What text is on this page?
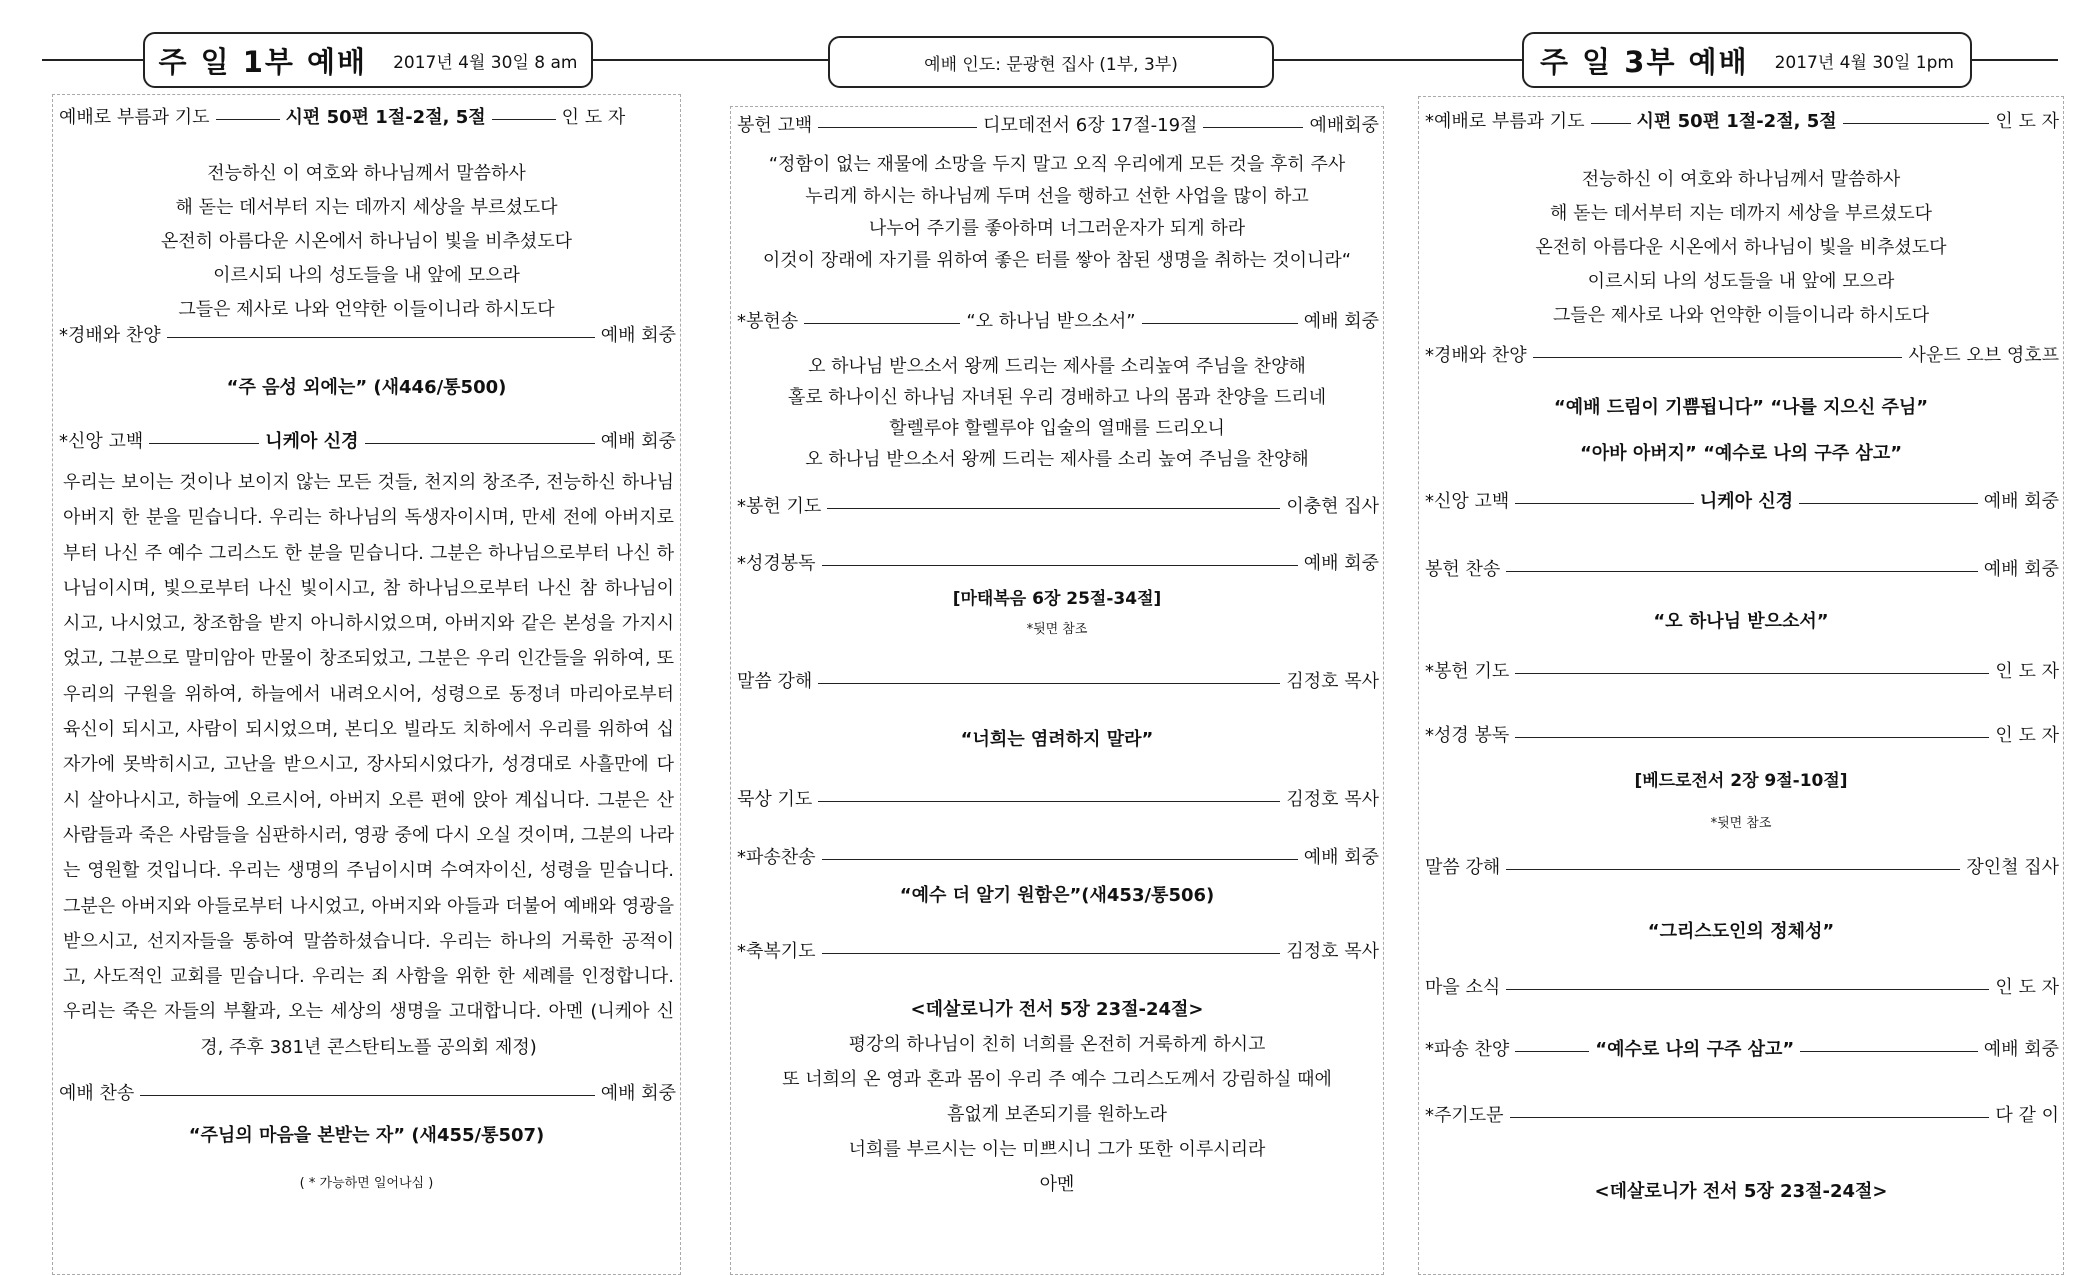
주 일 1부 예배 2017년 4월 30일 8 am	예배 인도: 문광현 집사 (1부, 3부)	주 일 3부 예배 2017년 4월 30일 1pm
예배로 부름과 기도	시편 50편 1절-2절, 5절	인 도 자
전능하신 이 여호와 하나님께서 말씀하사
해 돋는 데서부터 지는 데까지 세상을 부르셨도다
온전히 아름다운 시온에서 하나님이 빛을 비추셨도다
이르시되 나의 성도들을 내 앞에 모으라
그들은 제사로 나와 언약한 이들이니라 하시도다
*경배와 찬양	예배 회중
“주 음성 외에는” (새446/통500)
*신앙 고백	니케아 신경	예배 회중
우리는 보이는 것이나 보이지 않는 모든 것들, 천지의 창조주, 전능하신 하나님 아버지 한 분을 믿습니다. 우리는 하나님의 독생자이시며, 만세 전에 아버지로부터 나신 주 예수 그리스도 한 분을 믿습니다. 그분은 하나님으로부터 나신 하나님이시며, 빛으로부터 나신 빛이시고, 참 하나님으로부터 나신 참 하나님이시고, 나시었고, 창조함을 받지 아니하시었으며, 아버지와 같은 본성을 가지시었고, 그분으로 말미암아 만물이 창조되었고, 그분은 우리 인간들을 위하여, 또 우리의 구원을 위하여, 하늘에서 내려오시어, 성령으로 동정녀 마리아로부터 육신이 되시고, 사람이 되시었으며, 본디오 빌라도 치하에서 우리를 위하여 십자가에 못박히시고, 고난을 받으시고, 장사되시었다가, 성경대로 사흘만에 다시 살아나시고, 하늘에 오르시어, 아버지 오른 편에 앉아 계십니다. 그분은 산 사람들과 죽은 사람들을 심판하시러, 영광 중에 다시 오실 것이며, 그분의 나라는 영원할 것입니다. 우리는 생명의 주님이시며 수여자이신, 성령을 믿습니다. 그분은 아버지와 아들로부터 나시었고, 아버지와 아들과 더불어 예배와 영광을 받으시고, 선지자들을 통하여 말씀하셨습니다. 우리는 하나의 거룩한 공적이고, 사도적인 교회를 믿습니다. 우리는 죄 사함을 위한 한 세례를 인정합니다. 우리는 죽은 자들의 부활과, 오는 세상의 생명을 고대합니다. 아멘 (니케아 신경, 주후 381년 콘스탄티노플 공의회 제정)
예배 찬송	예배 회중
“주님의 마음을 본받는 자” (새455/통507)
( * 가능하면 일어나심 )
봉헌 고백	디모데전서 6장 17절-19절	예배회중
“정함이 없는 재물에 소망을 두지 말고 오직 우리에게 모든 것을 후히 주사
누리게 하시는 하나님께 두며 선을 행하고 선한 사업을 많이 하고
나누어 주기를 좋아하며 너그러운자가 되게 하라
이것이 장래에 자기를 위하여 좋은 터를 쌓아 참된 생명을 취하는 것이니라“
*봉헌송	“오 하나님 받으소서”	예배 회중
오 하나님 받으소서 왕께 드리는 제사를 소리높여 주님을 찬양해
홀로 하나이신 하나님 자녀된 우리 경배하고 나의 몸과 찬양을 드리네
할렐루야 할렐루야 입술의 열매를 드리오니
오 하나님 받으소서 왕께 드리는 제사를 소리 높여 주님을 찬양해
*봉헌 기도	이충현 집사
*성경봉독	예배 회중
[마태복음 6장 25절-34절]
*뒷면 참조
말씀 강해	김정호 목사
“너희는 염려하지 말라”
묵상 기도	김정호 목사
*파송찬송	예배 회중
“예수 더 알기 원함은”(새453/통506)
*축복기도	김정호 목사
<데살로니가 전서 5장 23절-24절>
평강의 하나님이 친히 너희를 온전히 거룩하게 하시고
또 너희의 온 영과 혼과 몸이 우리 주 예수 그리스도께서 강림하실 때에
흠없게 보존되기를 원하노라
너희를 부르시는 이는 미쁘시니 그가 또한 이루시리라
아멘
*예배로 부름과 기도	시편 50편 1절-2절, 5절	인 도 자
전능하신 이 여호와 하나님께서 말씀하사
해 돋는 데서부터 지는 데까지 세상을 부르셨도다
온전히 아름다운 시온에서 하나님이 빛을 비추셨도다
이르시되 나의 성도들을 내 앞에 모으라
그들은 제사로 나와 언약한 이들이니라 하시도다
*경배와 찬양	사운드 오브 영호프
“예배 드림이 기쁨됩니다” “나를 지으신 주님”
“아바 아버지” “예수로 나의 구주 삼고”
*신앙 고백	니케아 신경	예배 회중
봉헌 찬송	예배 회중
“오 하나님 받으소서”
*봉헌 기도	인 도 자
*성경 봉독	인 도 자
[베드로전서 2장 9절-10절]
*뒷면 참조
말씀 강해	장인철 집사
“그리스도인의 정체성”
마을 소식	인 도 자
*파송 찬양	“예수로 나의 구주 삼고”	예배 회중
*주기도문	다 같 이
<데살로니가 전서 5장 23절-24절>
